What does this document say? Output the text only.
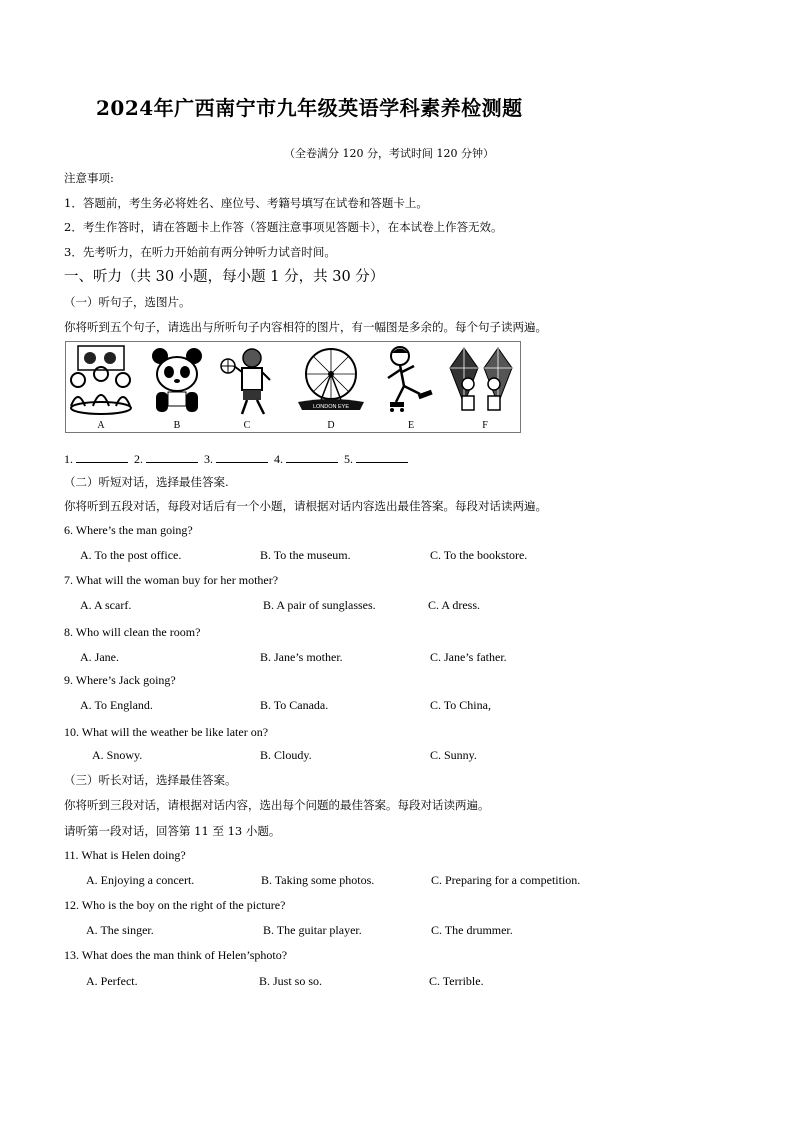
2024年广西南宁市九年级英语学科素养检测题
（全卷满分 120 分，考试时间 120 分钟）
注意事项:
1．答题前，考生务必将姓名、座位号、考籍号填写在试卷和答题卡上。
2．考生作答时，请在答题卡上作答（答题注意事项见答题卡），在本试卷上作答无效。
3．先考听力，在听力开始前有两分钟听力试音时间。
一、听力（共 30 小题，每小题 1 分，共 30 分）
（一）听句子，选图片。
你将听到五个句子，请选出与所听句子内容相符的图片，有一幅图是多余的。每个句子读两遍。
A	B	C
LONDON EYE
D	E	F
1.	2.	3.	4.	5.
（二）听短对话，选择最佳答案.
你将听到五段对话，每段对话后有一个小题，请根据对话内容选出最佳答案。每段对话读两遍。
6. Where’s the man going?
A. To the post office.	B. To the museum.	C. To the bookstore.
7. What will the woman buy for her mother?
A. A scarf.	B. A pair of sunglasses.	C. A dress.
8. Who will clean the room?
A. Jane.	B. Jane’s mother.	C. Jane’s father.
9. Where’s Jack going?
A. To England.	B. To Canada.	C. To China,
10. What will the weather be like later on?
A. Snowy.	B. Cloudy.	C. Sunny.
（三）听长对话，选择最佳答案。
你将听到三段对话，请根据对话内容，选出每个问题的最佳答案。每段对话读两遍。
请听第一段对话，回答第 11 至 13 小题。
11. What is Helen doing?
A. Enjoying a concert.	B. Taking some photos.	C. Preparing for a competition.
12. Who is the boy on the right of the picture?
A. The singer.	B. The guitar player.	C. The drummer.
13. What does the man think of Helen’sphoto?
A. Perfect.	B. Just so so.	C. Terrible.
